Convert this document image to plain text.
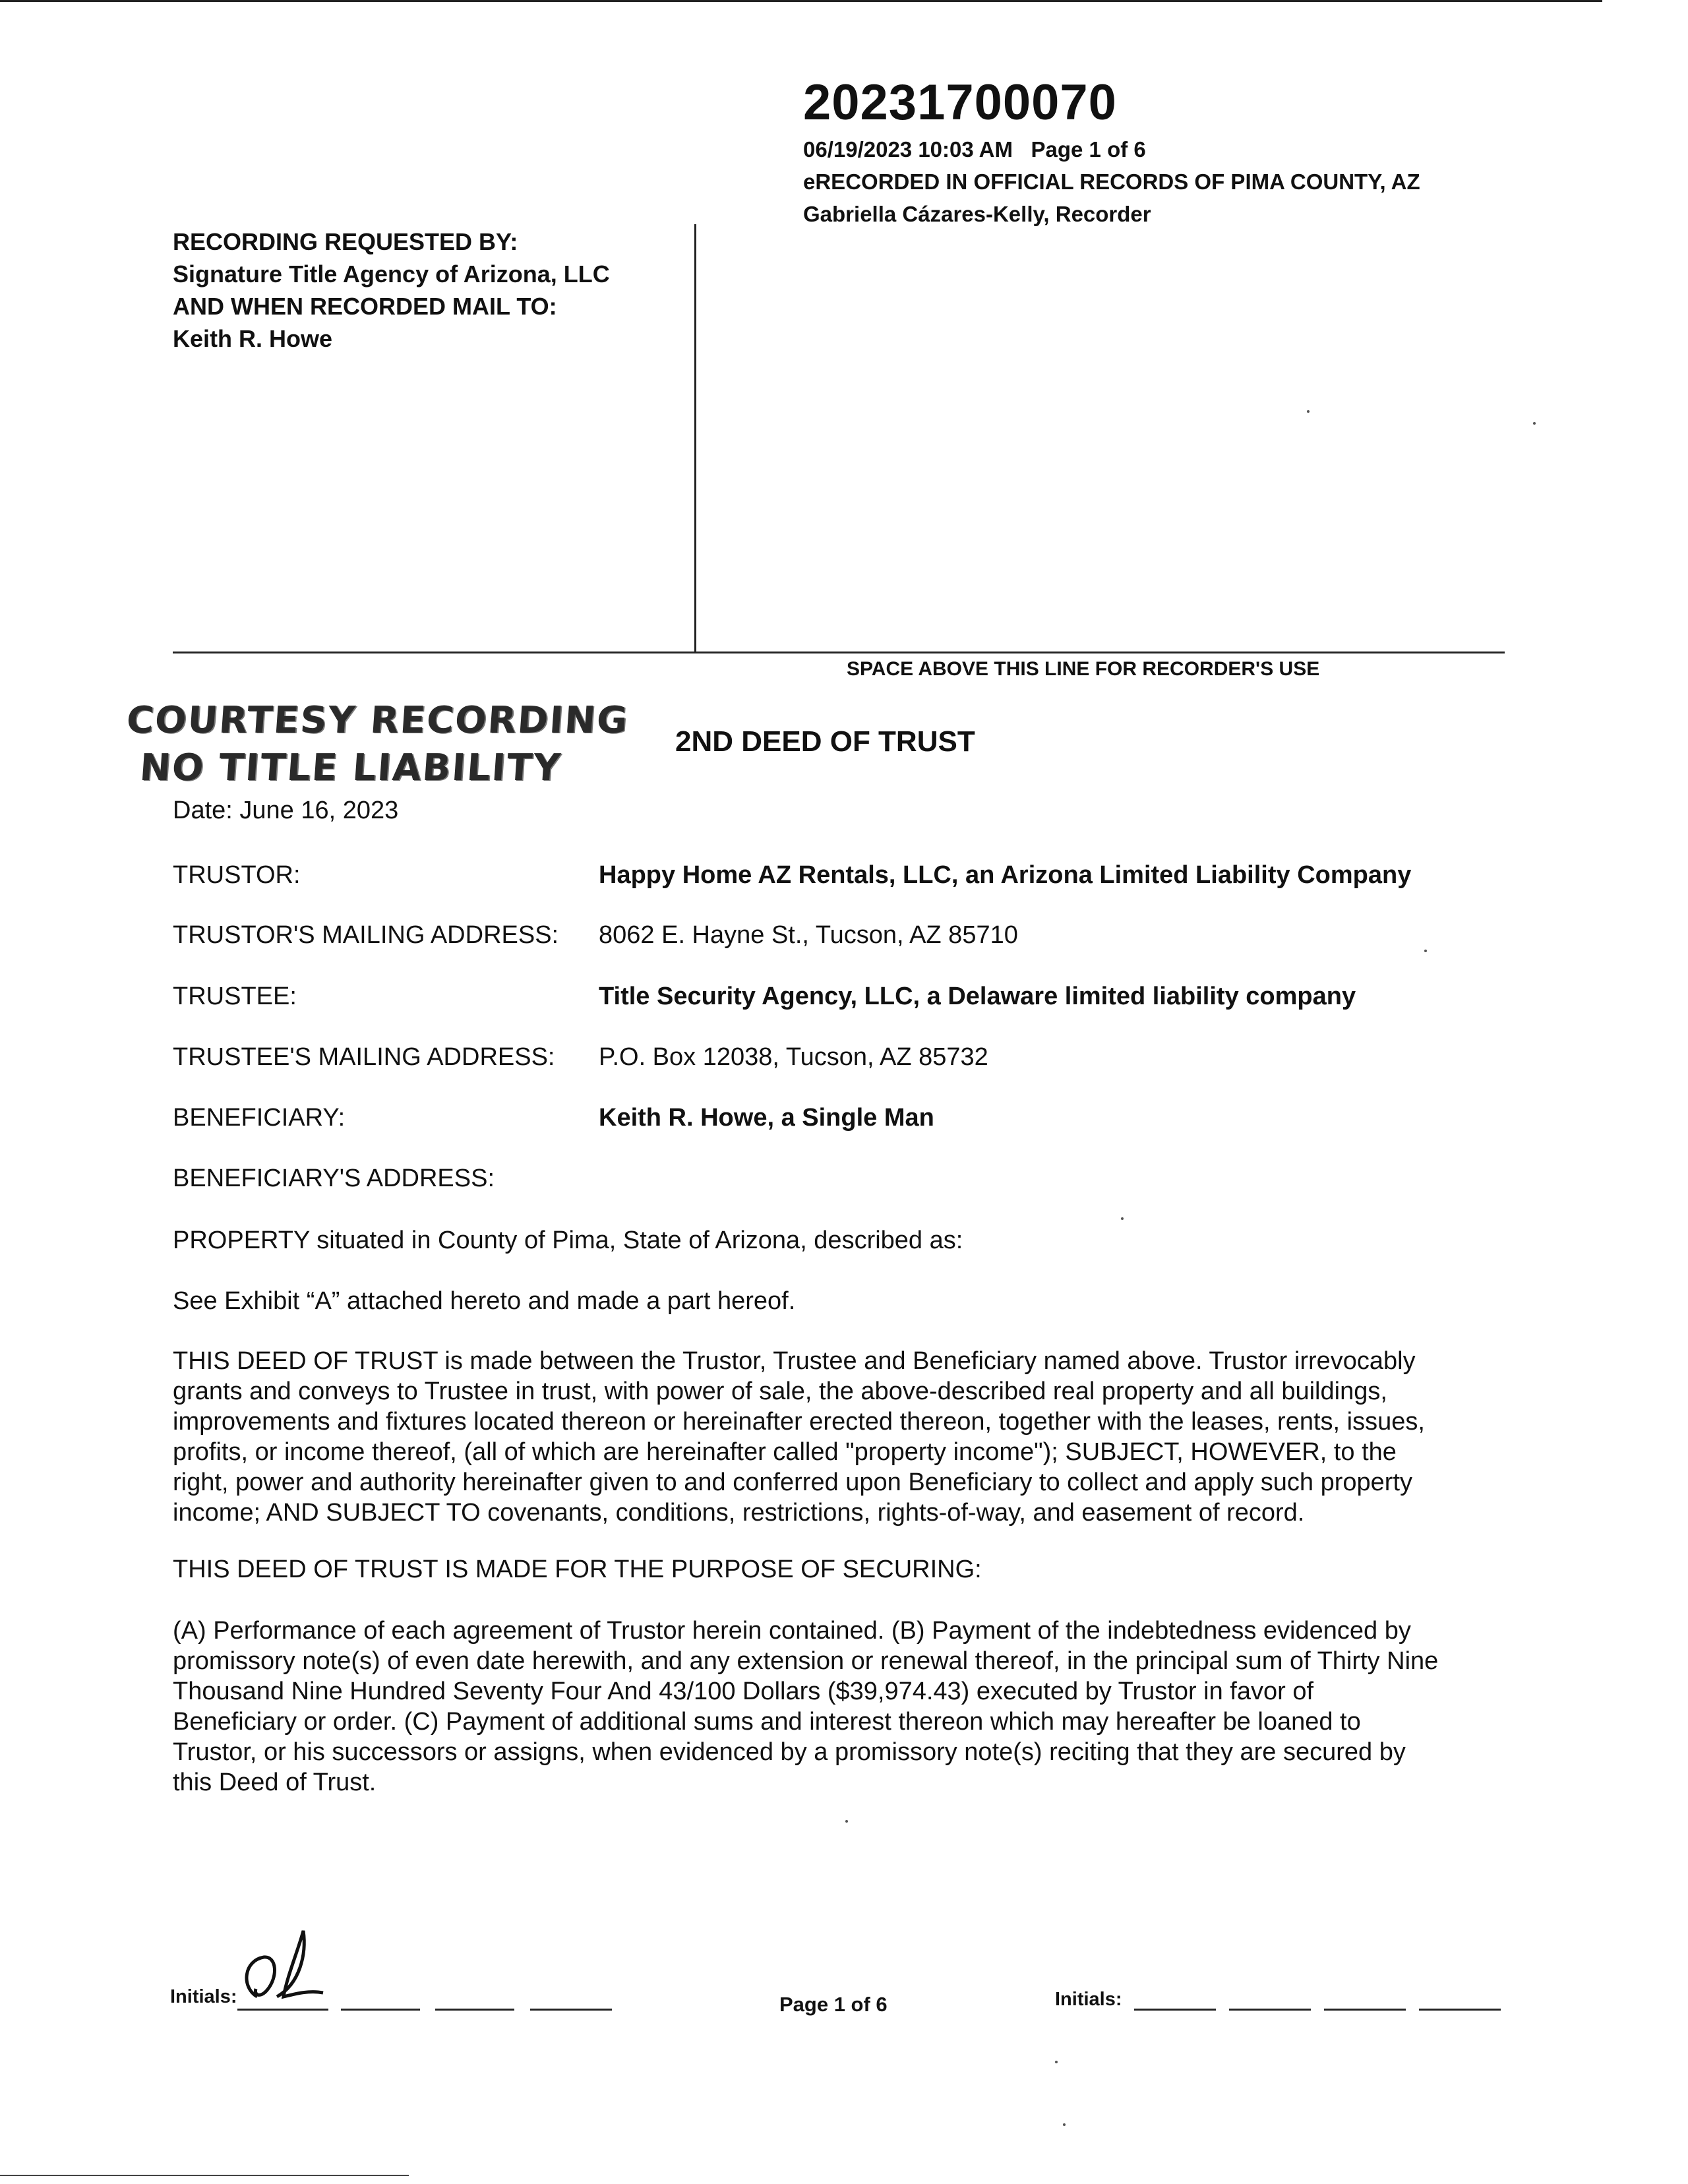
20231700070
06/19/2023 10:03 AM Page 1 of 6
eRECORDED IN OFFICIAL RECORDS OF PIMA COUNTY, AZ
Gabriella Cázares-Kelly, Recorder
RECORDING REQUESTED BY:
Signature Title Agency of Arizona, LLC
AND WHEN RECORDED MAIL TO:
Keith R. Howe
SPACE ABOVE THIS LINE FOR RECORDER'S USE
COURTESY RECORDING
NO TITLE LIABILITY
2ND DEED OF TRUST
Date: June 16, 2023
TRUSTOR:	Happy Home AZ Rentals, LLC, an Arizona Limited Liability Company
TRUSTOR'S MAILING ADDRESS: 8062 E. Hayne St., Tucson, AZ 85710
TRUSTEE:	Title Security Agency, LLC, a Delaware limited liability company
TRUSTEE'S MAILING ADDRESS: P.O. Box 12038, Tucson, AZ 85732
BENEFICIARY:	Keith R. Howe, a Single Man
BENEFICIARY'S ADDRESS:
PROPERTY situated in County of Pima, State of Arizona, described as:
See Exhibit “A” attached hereto and made a part hereof.
THIS DEED OF TRUST is made between the Trustor, Trustee and Beneficiary named above. Trustor irrevocably
grants and conveys to Trustee in trust, with power of sale, the above-described real property and all buildings,
improvements and fixtures located thereon or hereinafter erected thereon, together with the leases, rents, issues,
profits, or income thereof, (all of which are hereinafter called "property income"); SUBJECT, HOWEVER, to the
right, power and authority hereinafter given to and conferred upon Beneficiary to collect and apply such property
income; AND SUBJECT TO covenants, conditions, restrictions, rights-of-way, and easement of record.
THIS DEED OF TRUST IS MADE FOR THE PURPOSE OF SECURING:
(A) Performance of each agreement of Trustor herein contained. (B) Payment of the indebtedness evidenced by
promissory note(s) of even date herewith, and any extension or renewal thereof, in the principal sum of Thirty Nine
Thousand Nine Hundred Seventy Four And 43/100 Dollars ($39,974.43) executed by Trustor in favor of
Beneficiary or order. (C) Payment of additional sums and interest thereon which may hereafter be loaned to
Trustor, or his successors or assigns, when evidenced by a promissory note(s) reciting that they are secured by
this Deed of Trust.
Initials:	Page 1 of 6	Initials:
